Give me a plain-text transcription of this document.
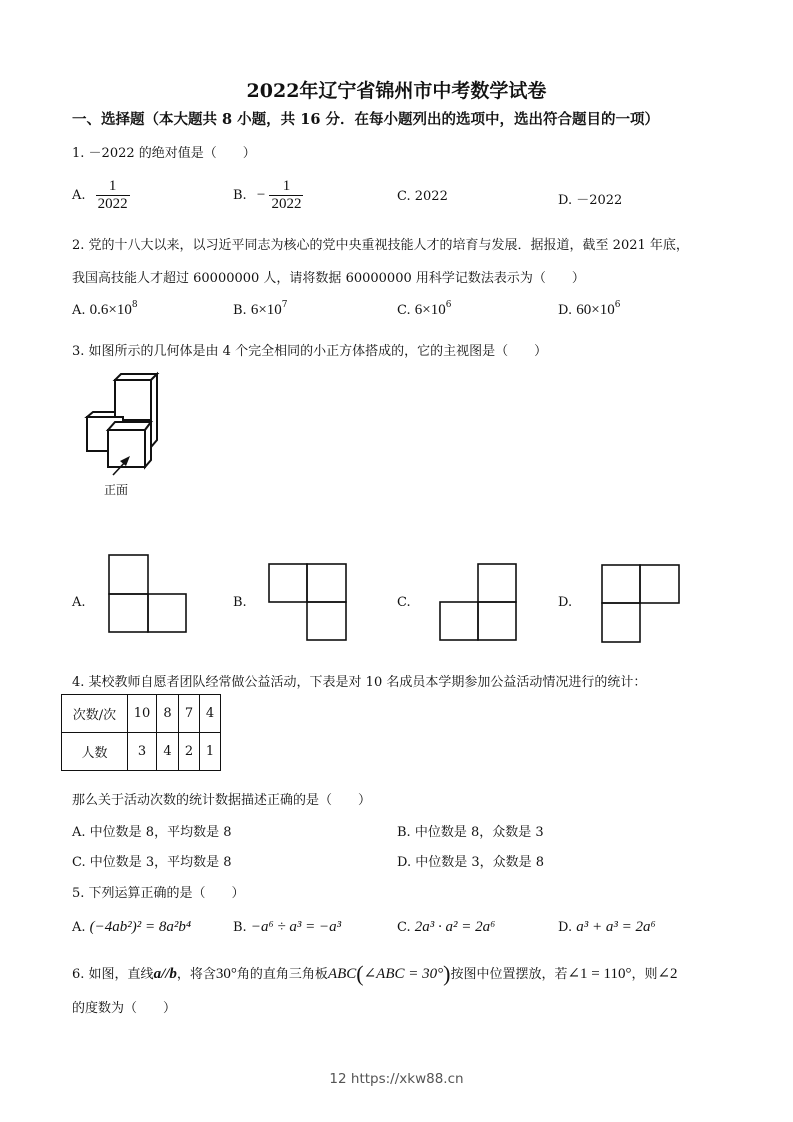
2022年辽宁省锦州市中考数学试卷
一、选择题（本大题共 8 小题，共 16 分．在每小题列出的选项中，选出符合题目的一项）
1. －2022 的绝对值是（　　）
A. $\frac{1}{2022}$	B. − $\frac{1}{2022}$	C. 2022	D. －2022
2. 党的十八大以来，以习近平同志为核心的党中央重视技能人才的培育与发展．据报道，截至 2021 年底，
我国高技能人才超过 60000000 人，请将数据 60000000 用科学记数法表示为（　　）
A. $0.6\times 10^8$	B. $6\times 10^7$	C. $6\times 10^6$	D. $60\times 10^6$
3. 如图所示的几何体是由 4 个完全相同的小正方体搭成的，它的主视图是（　　）
正面
A.	B.	C.	D.
4. 某校教师自愿者团队经常做公益活动，下表是对 10 名成员本学期参加公益活动情况进行的统计：
次数/次	10	8	7	4
人数	3	4	2	1
那么关于活动次数的统计数据描述正确的是（　　）
A. 中位数是 8，平均数是 8	B. 中位数是 8，众数是 3
C. 中位数是 3，平均数是 8	D. 中位数是 3，众数是 8
5. 下列运算正确的是（　　）
A. (−4ab²)² = 8a²b⁴	B. −a⁶ ÷ a³ = −a³	C. 2a³ · a² = 2a⁶	D. a³ + a³ = 2a⁶
6. 如图，直线a//b，将含30°角的直角三角板ABC(∠ABC = 30°)按图中位置摆放，若∠1 = 110°，则∠2
的度数为（　　）
12 https://xkw88.cn
